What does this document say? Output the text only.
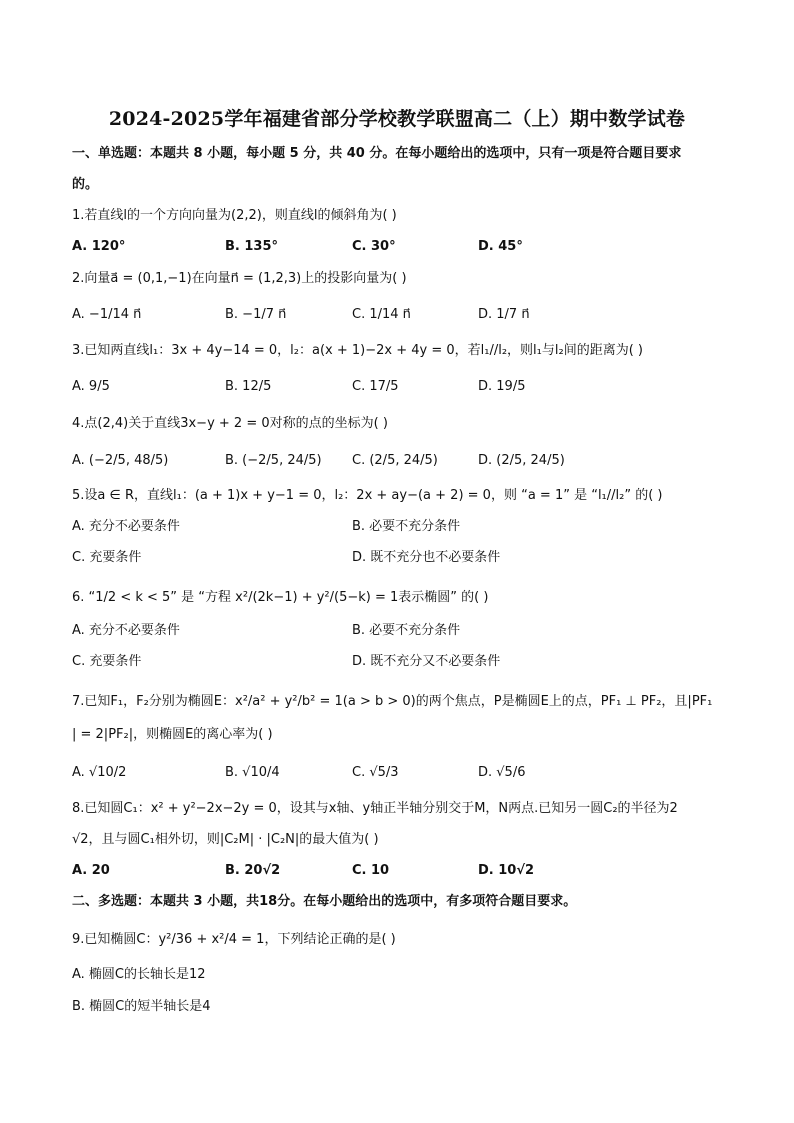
2024-2025学年福建省部分学校教学联盟高二（上）期中数学试卷
一、单选题：本题共 8 小题，每小题 5 分，共 40 分。在每小题给出的选项中，只有一项是符合题目要求
的。
1.若直线l的一个方向向量为(2,2)，则直线l的倾斜角为( )
A. 120°	B. 135°	C. 30°	D. 45°
2.向量a⃗ = (0,1,−1)在向量n⃗ = (1,2,3)上的投影向量为( )
A. −1/14 n⃗	B. −1/7 n⃗	C. 1/14 n⃗	D. 1/7 n⃗
3.已知两直线l₁：3x + 4y−14 = 0，l₂：a(x + 1)−2x + 4y = 0，若l₁//l₂，则l₁与l₂间的距离为( )
A. 9/5	B. 12/5	C. 17/5	D. 19/5
4.点(2,4)关于直线3x−y + 2 = 0对称的点的坐标为( )
A. (−2/5, 48/5)	B. (−2/5, 24/5) C. (2/5, 24/5)	D. (2/5, 24/5)
5.设a ∈ R，直线l₁：(a + 1)x + y−1 = 0，l₂：2x + ay−(a + 2) = 0，则 “a = 1” 是 “l₁//l₂” 的( )
A. 充分不必要条件	B. 必要不充分条件
C. 充要条件	D. 既不充分也不必要条件
6. “1/2 < k < 5” 是 “方程 x²/(2k−1) + y²/(5−k) = 1表示椭圆” 的( )
A. 充分不必要条件	B. 必要不充分条件
C. 充要条件	D. 既不充分又不必要条件
7.已知F₁，F₂分别为椭圆E：x²/a² + y²/b² = 1(a > b > 0)的两个焦点，P是椭圆E上的点，PF₁ ⊥ PF₂，且|PF₁
| = 2|PF₂|，则椭圆E的离心率为( )
A. √10/2	B. √10/4	C. √5/3	D. √5/6
8.已知圆C₁：x² + y²−2x−2y = 0，设其与x轴、y轴正半轴分别交于M，N两点.已知另一圆C₂的半径为2
√2，且与圆C₁相外切，则|C₂M| · |C₂N|的最大值为( )
A. 20	B. 20√2	C. 10	D. 10√2
二、多选题：本题共 3 小题，共18分。在每小题给出的选项中，有多项符合题目要求。
9.已知椭圆C：y²/36 + x²/4 = 1，下列结论正确的是( )
A. 椭圆C的长轴长是12
B. 椭圆C的短半轴长是4
